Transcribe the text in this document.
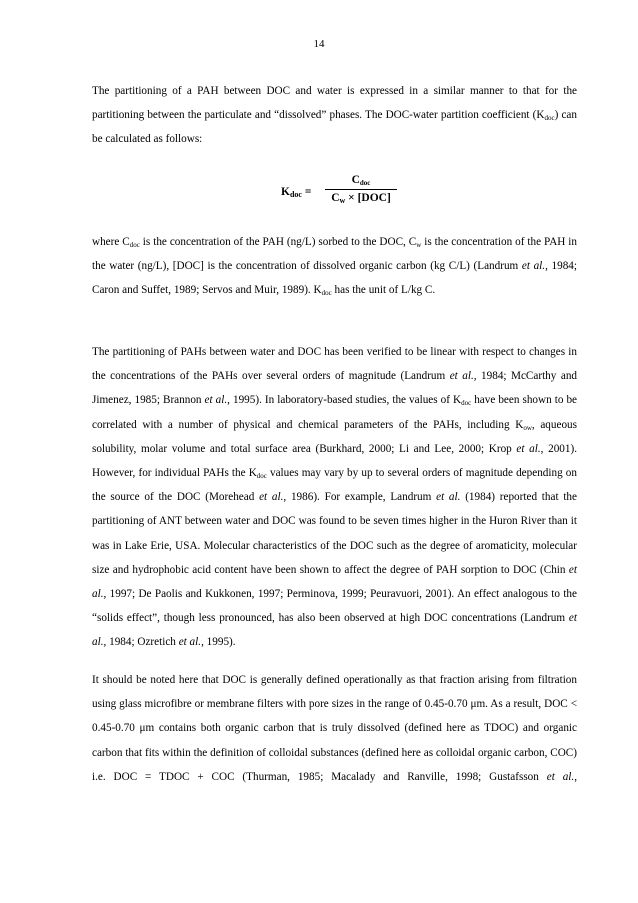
14
The partitioning of a PAH between DOC and water is expressed in a similar manner to that for the partitioning between the particulate and “dissolved” phases. The DOC-water partition coefficient $(K_{doc})$ can be calculated as follows:
$K_{doc}$ =
$C_{doc}$
$C_w \times [DOC]$
where $C_{doc}$ is the concentration of the PAH (ng/L) sorbed to the DOC, $C_w$ is the concentration of the PAH in the water (ng/L), [DOC] is the concentration of dissolved organic carbon (kg C/L) (Landrum et al., 1984; Caron and Suffet, 1989; Servos and Muir, 1989). $K_{doc}$ has the unit of L/kg C.
The partitioning of PAHs between water and DOC has been verified to be linear with respect to changes in the concentrations of the PAHs over several orders of magnitude (Landrum et al., 1984; McCarthy and Jimenez, 1985; Brannon et al., 1995). In laboratory-based studies, the values of $K_{doc}$ have been shown to be correlated with a number of physical and chemical parameters of the PAHs, including $K_{ow}$, aqueous solubility, molar volume and total surface area (Burkhard, 2000; Li and Lee, 2000; Krop et al., 2001). However, for individual PAHs the $K_{doc}$ values may vary by up to several orders of magnitude depending on the source of the DOC (Morehead et al., 1986). For example, Landrum et al. (1984) reported that the partitioning of ANT between water and DOC was found to be seven times higher in the Huron River than it was in Lake Erie, USA. Molecular characteristics of the DOC such as the degree of aromaticity, molecular size and hydrophobic acid content have been shown to affect the degree of PAH sorption to DOC (Chin et al., 1997; De Paolis and Kukkonen, 1997; Perminova, 1999; Peuravuori, 2001). An effect analogous to the “solids effect”, though less pronounced, has also been observed at high DOC concentrations (Landrum et al., 1984; Ozretich et al., 1995).
It should be noted here that DOC is generally defined operationally as that fraction arising from filtration using glass microfibre or membrane filters with pore sizes in the range of 0.45-0.70 μm. As a result, DOC < 0.45-0.70 μm contains both organic carbon that is truly dissolved (defined here as TDOC) and organic carbon that fits within the definition of colloidal substances (defined here as colloidal organic carbon, COC) i.e. DOC = TDOC + COC (Thurman, 1985; Macalady and Ranville, 1998; Gustafsson et al.,
